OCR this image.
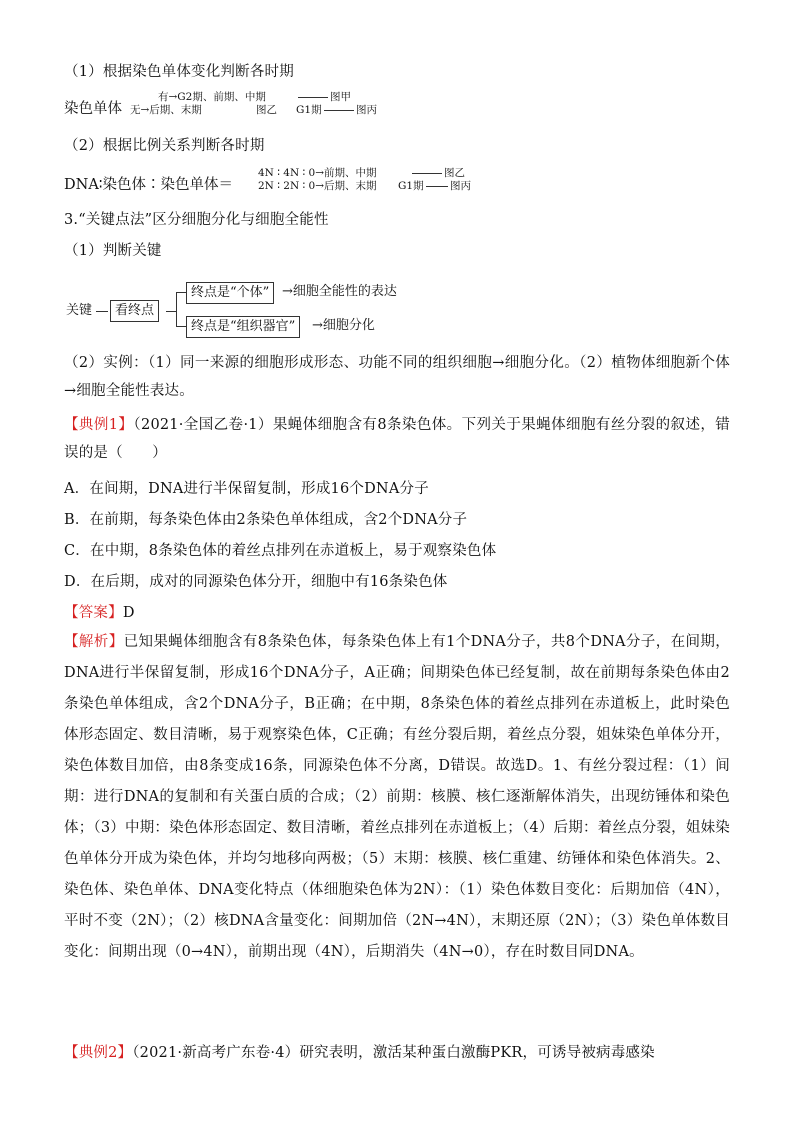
（1）根据染色单体变化判断各时期
染色单体
有→G2期、前期、中期	图甲
无→后期、末期	图乙 G1期	图丙
（2）根据比例关系判断各时期
DNA∶染色体∶染色单体＝
4N ∶ 4N ∶ 0→前期、中期	图乙
2N ∶ 2N ∶ 0→后期、末期 G1期	图丙
3.“关键点法”区分细胞分化与细胞全能性
（1）判断关键
关键	看终点
终点是“个体” →细胞全能性的表达
终点是“组织器官”	→细胞分化
（2）实例：（1）同一来源的细胞形成形态、功能不同的组织细胞→细胞分化。（2）植物体细胞新个体→细胞全能性表达。
【典例1】（2021·全国乙卷·1）果蝇体细胞含有8条染色体。下列关于果蝇体细胞有丝分裂的叙述，错误的是（　　）
A．在间期，DNA进行半保留复制，形成16个DNA分子
B．在前期，每条染色体由2条染色单体组成，含2个DNA分子
C．在中期，8条染色体的着丝点排列在赤道板上，易于观察染色体
D．在后期，成对的同源染色体分开，细胞中有16条染色体
【答案】D
【解析】已知果蝇体细胞含有8条染色体，每条染色体上有1个DNA分子，共8个DNA分子，在间期，DNA进行半保留复制，形成16个DNA分子，A正确；间期染色体已经复制，故在前期每条染色体由2条染色单体组成，含2个DNA分子，B正确；在中期，8条染色体的着丝点排列在赤道板上，此时染色体形态固定、数目清晰，易于观察染色体，C正确；有丝分裂后期，着丝点分裂，姐妹染色单体分开，染色体数目加倍，由8条变成16条，同源染色体不分离，D错误。故选D。1、有丝分裂过程：（1）间期：进行DNA的复制和有关蛋白质的合成；（2）前期：核膜、核仁逐渐解体消失，出现纺锤体和染色体；（3）中期：染色体形态固定、数目清晰，着丝点排列在赤道板上；（4）后期：着丝点分裂，姐妹染色单体分开成为染色体，并均匀地移向两极；（5）末期：核膜、核仁重建、纺锤体和染色体消失。2、染色体、染色单体、DNA变化特点（体细胞染色体为2N）：（1）染色体数目变化：后期加倍（4N），平时不变（2N）；（2）核DNA含量变化：间期加倍（2N→4N），末期还原（2N）；（3）染色单体数目变化：间期出现（0→4N），前期出现（4N），后期消失（4N→0），存在时数目同DNA。
【典例2】（2021·新高考广东卷·4）研究表明，激活某种蛋白激酶PKR，可诱导被病毒感染
